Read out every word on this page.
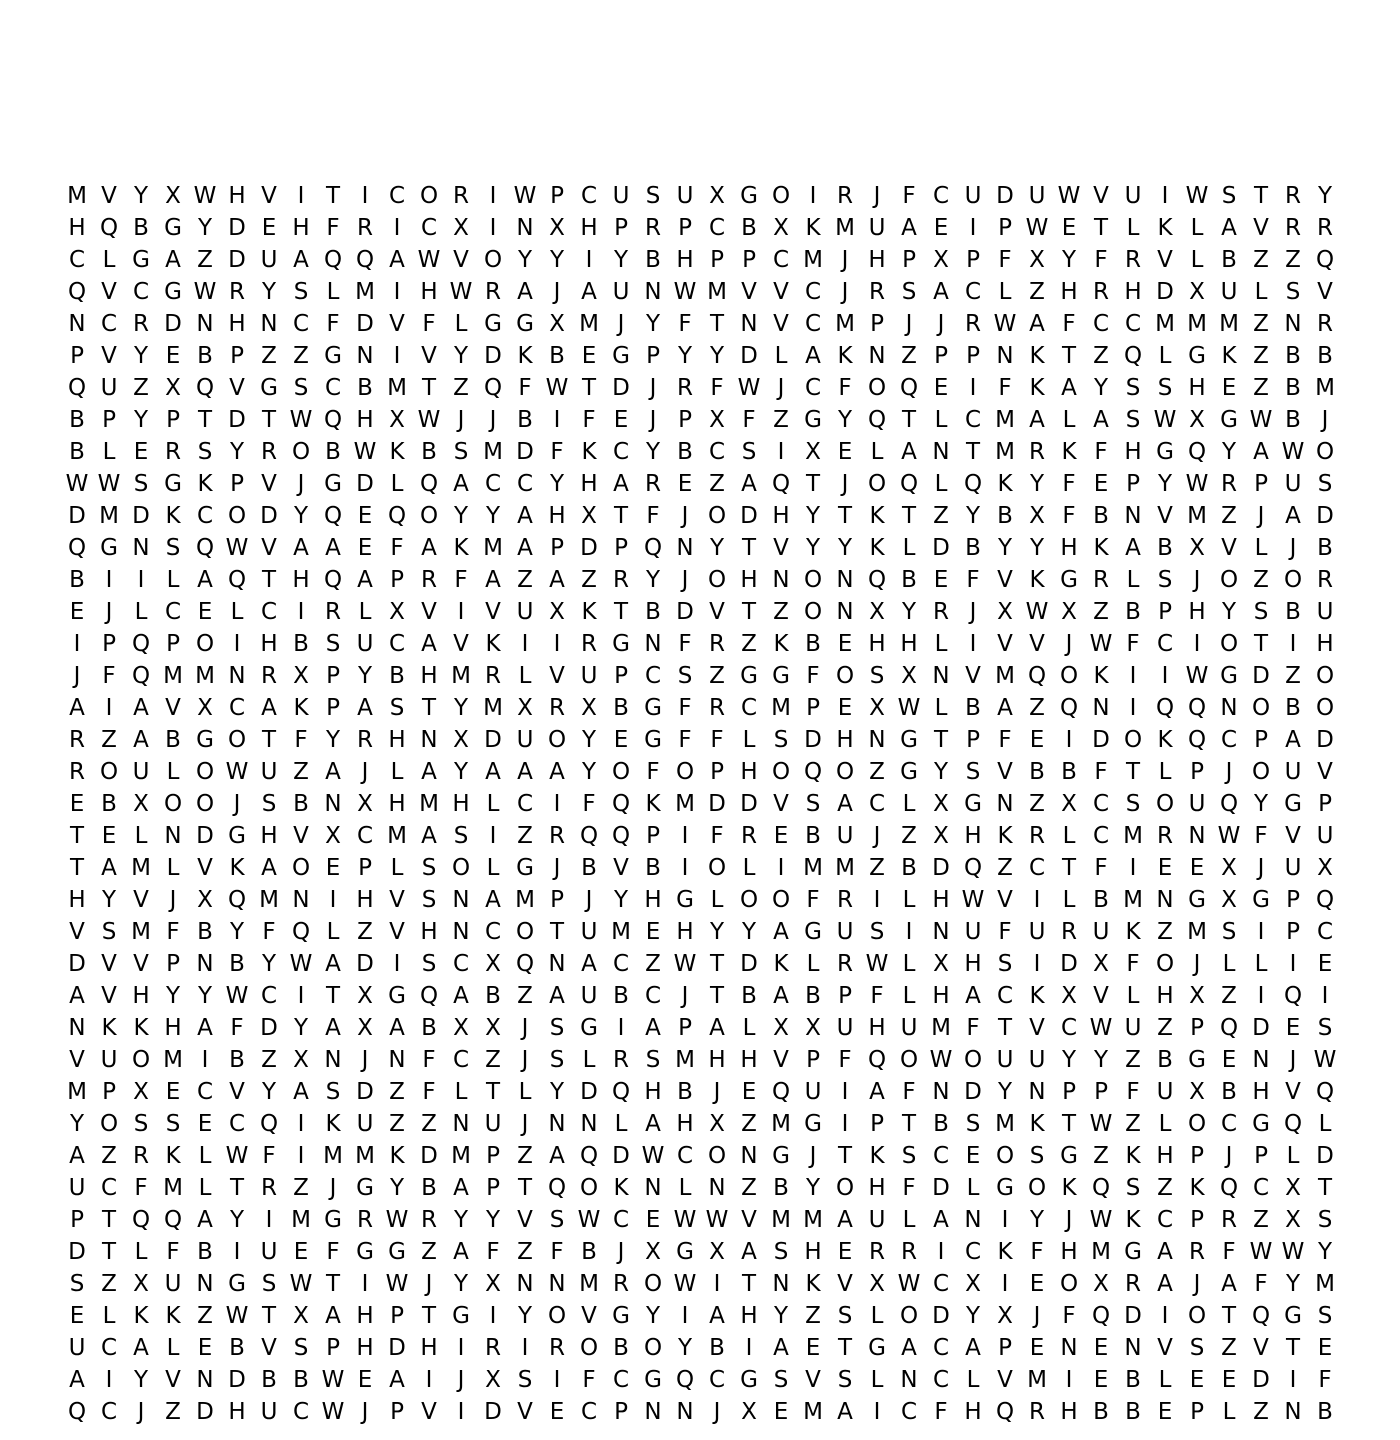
M V Y X W H V I T I C O R I W P C U S U X G O I R J F C U D U W V U I W S T R Y
H Q B G Y D E H F R I C X I N X H P R P C B X K M U A E I P W E T L K L A V R R
C L G A Z D U A Q Q A W V O Y Y I Y B H P P C M J H P X P F X Y F R V L B Z Z Q
Q V C G W R Y S L M I H W R A J A U N W M V V C J R S A C L Z H R H D X U L S V
N C R D N H N C F D V F L G G X M J Y F T N V C M P J	J R W A F C C M M M Z N R
P V Y E B P Z Z G N I V Y D K B E G P Y Y D L A K N Z P P N K T Z Q L G K Z B B
Q U Z X Q V G S C B M T Z Q F W T D J R F W J C F O Q E I F K A Y S S H E Z B M
B P Y P T D T W Q H X W J	J B I F E J P X F Z G Y Q T L C M A L A S W X G W B J
B L E R S Y R O B W K B S M D F K C Y B C S I X E L A N T M R K F H G Q Y A W O
W W S G K P V J G D L Q A C C Y H A R E Z A Q T J O Q L Q K Y F E P Y W R P U S
D M D K C O D Y Q E Q O Y Y A H X T F J O D H Y T K T Z Y B X F B N V M Z J A D
Q G N S Q W V A A E F A K M A P D P Q N Y T V Y Y K L D B Y Y H K A B X V L J B
B I	I L A Q T H Q A P R F A Z A Z R Y J O H N O N Q B E F V K G R L S J O Z O R
E J L C E L C I R L X V I V U X K T B D V T Z O N X Y R J X W X Z B P H Y S B U
I P Q P O I H B S U C A V K I	I R G N F R Z K B E H H L I V V J W F C I O T I H
J F Q M M N R X P Y B H M R L V U P C S Z G G F O S X N V M Q O K I	I W G D Z O
A I A V X C A K P A S T Y M X R X B G F R C M P E X W L B A Z Q N I Q Q N O B O
R Z A B G O T F Y R H N X D U O Y E G F F L S D H N G T P F E I D O K Q C P A D
R O U L O W U Z A J L A Y A A A Y O F O P H O Q O Z G Y S V B B F T L P J O U V
E B X O O J S B N X H M H L C I F Q K M D D V S A C L X G N Z X C S O U Q Y G P
T E L N D G H V X C M A S I Z R Q Q P I F R E B U J Z X H K R L C M R N W F V U
T A M L V K A O E P L S O L G J B V B I O L I M M Z B D Q Z C T F I E E X J U X
H Y V J X Q M N I H V S N A M P J Y H G L O O F R I L H W V I L B M N G X G P Q
V S M F B Y F Q L Z V H N C O T U M E H Y Y A G U S I N U F U R U K Z M S I P C
D V V P N B Y W A D I S C X Q N A C Z W T D K L R W L X H S I D X F O J L L I E
A V H Y Y W C I T X G Q A B Z A U B C J T B A B P F L H A C K X V L H X Z I Q I
N K K H A F D Y A X A B X X J S G I A P A L X X U H U M F T V C W U Z P Q D E S
V U O M I B Z X N J N F C Z J S L R S M H H V P F Q O W O U U Y Y Z B G E N J W
M P X E C V Y A S D Z F L T L Y D Q H B J E Q U I A F N D Y N P P F U X B H V Q
Y O S S E C Q I K U Z Z N U J N N L A H X Z M G I P T B S M K T W Z L O C G Q L
A Z R K L W F I M M K D M P Z A Q D W C O N G J T K S C E O S G Z K H P J P L D
U C F M L T R Z J G Y B A P T Q O K N L N Z B Y O H F D L G O K Q S Z K Q C X T
P T Q Q A Y I M G R W R Y Y V S W C E W W V M M A U L A N I Y J W K C P R Z X S
D T L F B I U E F G G Z A F Z F B J X G X A S H E R R I C K F H M G A R F W W Y
S Z X U N G S W T I W J Y X N N M R O W I T N K V X W C X I E O X R A J A F Y M
E L K K Z W T X A H P T G I Y O V G Y I A H Y Z S L O D Y X J F Q D I O T Q G S
U C A L E B V S P H D H I R I R O B O Y B I A E T G A C A P E N E N V S Z V T E
A I Y V N D B B W E A I	J X S I F C G Q C G S V S L N C L V M I E B L E E D I F
Q C J Z D H U C W J P V I D V E C P N N J X E M A I C F H Q R H B B E P L Z N B
